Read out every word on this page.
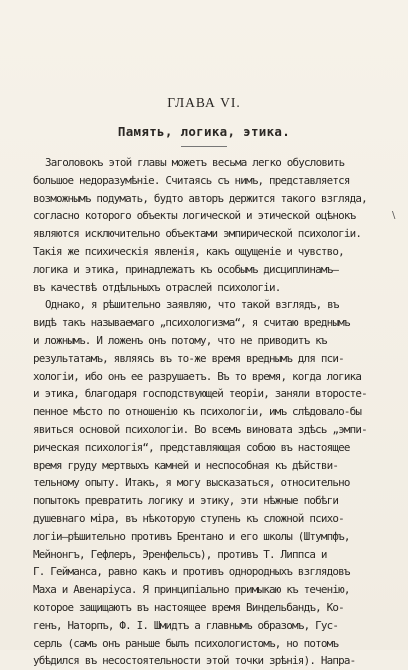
ГЛАВА VI.
Память, логика, этика.
\
Заголовокъ этой главы можетъ весьма легко обусловить
большое недоразумѣніе. Считаясь съ нимъ, представляется
возможнымъ подумать, будто авторъ держится такого взгляда,
согласно которого объекты логической и этической оцѣнокъ
являются исключительно объектами эмпирической психологіи.
Такія же психическія явленія, какъ ощущеніе и чувство,
логика и этика, принадлежатъ къ особымъ дисциплинамъ—
въ качествѣ отдѣльныхъ отраслей психологіи.
Однако, я рѣшительно заявляю, что такой взглядъ, въ
видѣ такъ называемаго „психологизма“, я считаю вреднымъ
и ложнымъ. И ложенъ онъ потому, что не приводитъ къ
результатамъ, являясь въ то-же время вреднымъ для пси-
хологіи, ибо онъ ее разрушаетъ. Въ то время, когда логика
и этика, благодаря господствующей теоріи, заняли второсте-
пенное мѣсто по отношенію къ психологіи, имъ слѣдовало-бы
явиться основой психологіи. Во всемъ виновата здѣсь „эмпи-
рическая психологія“, представляющая собою въ настоящее
время груду мертвыхъ камней и неспособная къ дѣйстви-
тельному опыту. Итакъ, я могу высказаться, относительно
попытокъ превратить логику и этику, эти нѣжные побѣги
душевнаго міра, въ нѣкоторую ступень къ сложной психо-
логіи—рѣшительно противъ Брентано и его школы (Штумпфъ,
Мейнонгъ, Гефлеръ, Эренфельсъ), противъ Т. Липпса и
Г. Гейманса, равно какъ и противъ однородныхъ взглядовъ
Маха и Авенаріуса. Я принципіально примыкаю къ теченію,
которое защищаютъ въ настоящее время Виндельбандъ, Ко-
генъ, Наторпъ, Ф. І. Шмидтъ а главнымъ образомъ, Гус-
серль (самъ онъ раньше былъ психологистомъ, но потомъ
убѣдился въ несостоятельности этой точки зрѣнія). Напра-
